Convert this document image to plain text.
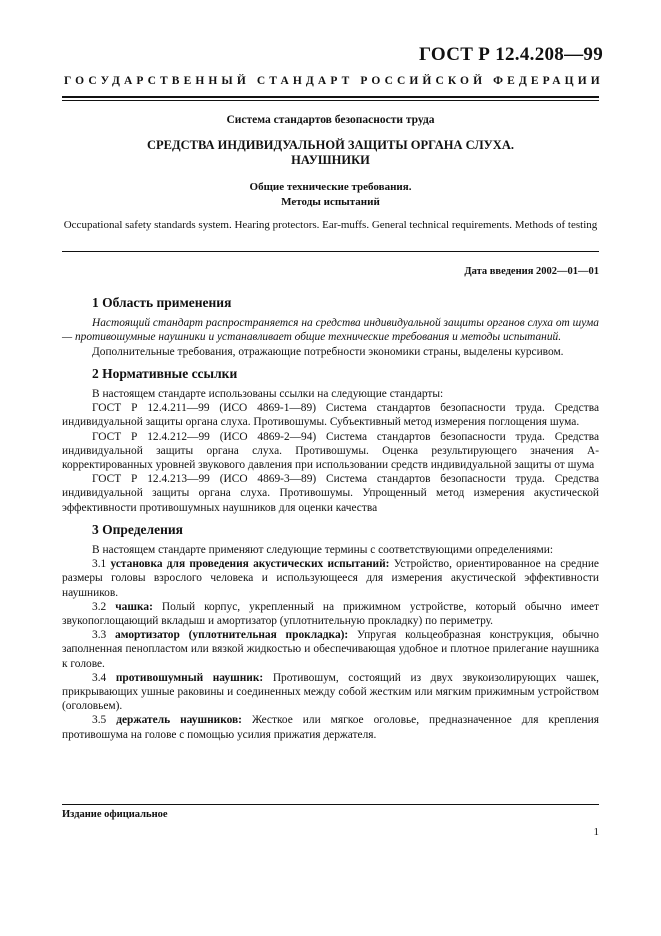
ГОСТ Р 12.4.208—99
ГОСУДАРСТВЕННЫЙ СТАНДАРТ РОССИЙСКОЙ ФЕДЕРАЦИИ
Система стандартов безопасности труда
СРЕДСТВА ИНДИВИДУАЛЬНОЙ ЗАЩИТЫ ОРГАНА СЛУХА.
НАУШНИКИ
Общие технические требования.
Методы испытаний
Occupational safety standards system. Hearing protectors. Ear-muffs. General technical requirements. Methods of testing
Дата введения 2002—01—01
1 Область применения

Настоящий стандарт распространяется на средства индивидуальной защиты органов слуха от шума — противошумные наушники и устанавливает общие технические требования и методы испытаний.

Дополнительные требования, отражающие потребности экономики страны, выделены курсивом.

2 Нормативные ссылки

В настоящем стандарте использованы ссылки на следующие стандарты:

ГОСТ Р 12.4.211—99 (ИСО 4869-1—89) Система стандартов безопасности труда. Средства индивидуальной защиты органа слуха. Противошумы. Субъективный метод измерения поглощения шума.

ГОСТ Р 12.4.212—99 (ИСО 4869-2—94) Система стандартов безопасности труда. Средства индивидуальной защиты органа слуха. Противошумы. Оценка результирующего значения А-корректированных уровней звукового давления при использовании средств индивидуальной защиты от шума

ГОСТ Р 12.4.213—99 (ИСО 4869-3—89) Система стандартов безопасности труда. Средства индивидуальной защиты органа слуха. Противошумы. Упрощенный метод измерения акустической эффективности противошумных наушников для оценки качества

3 Определения

В настоящем стандарте применяют следующие термины с соответствующими определениями:

3.1 установка для проведения акустических испытаний: Устройство, ориентированное на средние размеры головы взрослого человека и использующееся для измерения акустической эффективности наушников.

3.2 чашка: Полый корпус, укрепленный на прижимном устройстве, который обычно имеет звукопоглощающий вкладыш и амортизатор (уплотнительную прокладку) по периметру.

3.3 амортизатор (уплотнительная прокладка): Упругая кольцеобразная конструкция, обычно заполненная пенопластом или вязкой жидкостью и обеспечивающая удобное и плотное прилегание наушника к голове.

3.4 противошумный наушник: Противошум, состоящий из двух звукоизолирующих чашек, прикрывающих ушные раковины и соединенных между собой жестким или мягким прижимным устройством (оголовьем).

3.5 держатель наушников: Жесткое или мягкое оголовье, предназначенное для крепления противошума на голове с помощью усилия прижатия держателя.

Издание официальное
1
